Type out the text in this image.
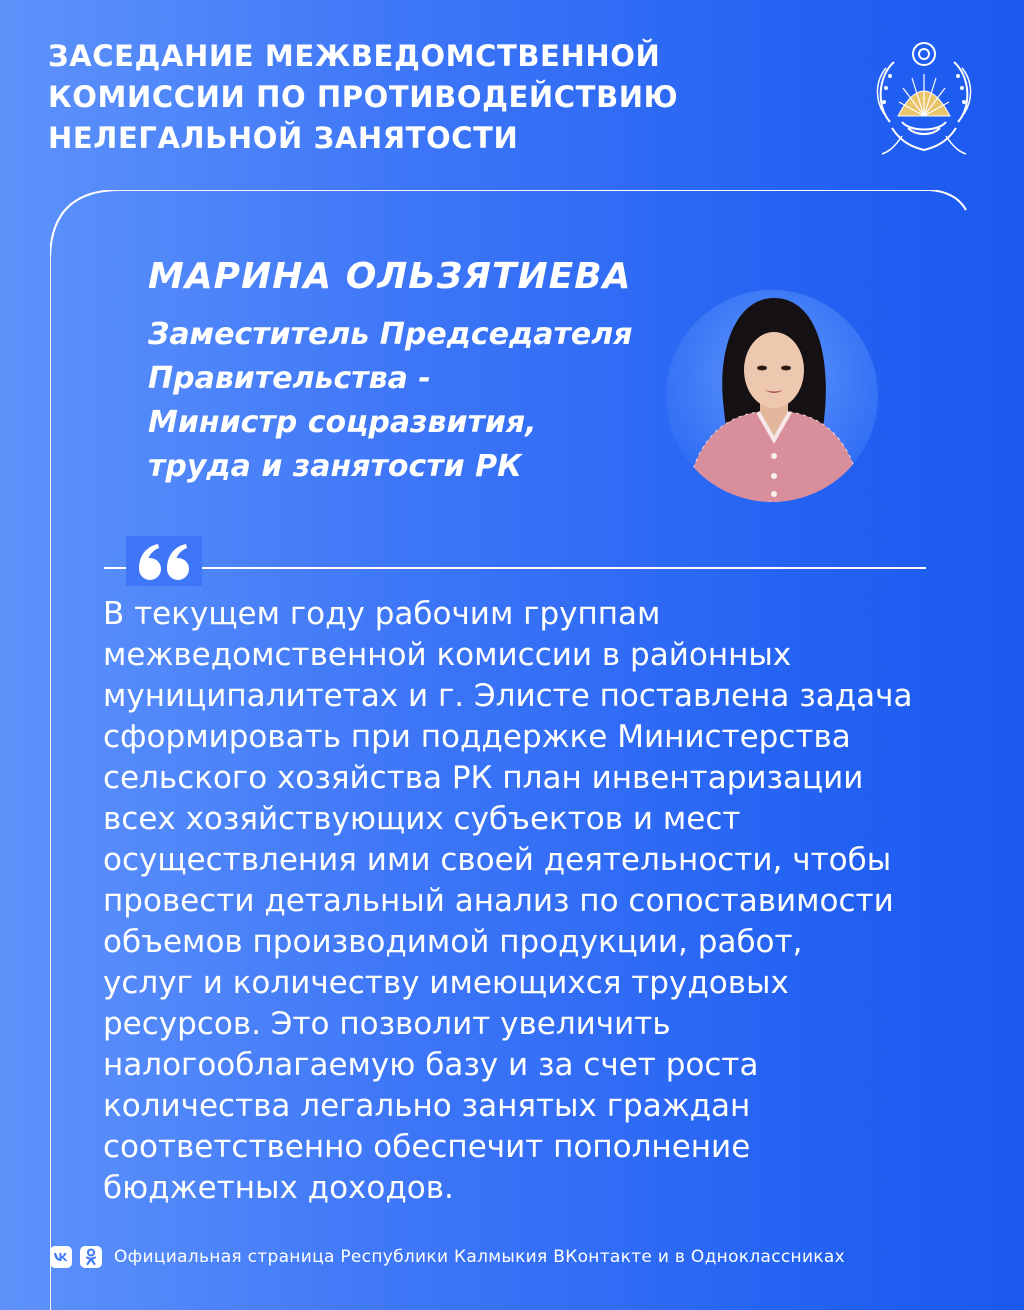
ЗАСЕДАНИЕ МЕЖВЕДОМСТВЕННОЙ
КОМИССИИ ПО ПРОТИВОДЕЙСТВИЮ
НЕЛЕГАЛЬНОЙ ЗАНЯТОСТИ
МАРИНА ОЛЬЗЯТИЕВА

Заместитель Председателя
Правительства -
Министр соцразвития,
труда и занятости РК

В текущем году рабочим группам
межведомственной комиссии в районных
муниципалитетах и г. Элисте поставлена задача
сформировать при поддержке Министерства
сельского хозяйства РК план инвентаризации
всех хозяйствующих субъектов и мест
осуществления ими своей деятельности, чтобы
провести детальный анализ по сопоставимости
объемов производимой продукции, работ,
услуг и количеству имеющихся трудовых
ресурсов. Это позволит увеличить
налогооблагаемую базу и за счет роста
количества легально занятых граждан
соответственно обеспечит пополнение
бюджетных доходов.

Официальная страница Республики Калмыкия ВКонтакте и в Одноклассниках
